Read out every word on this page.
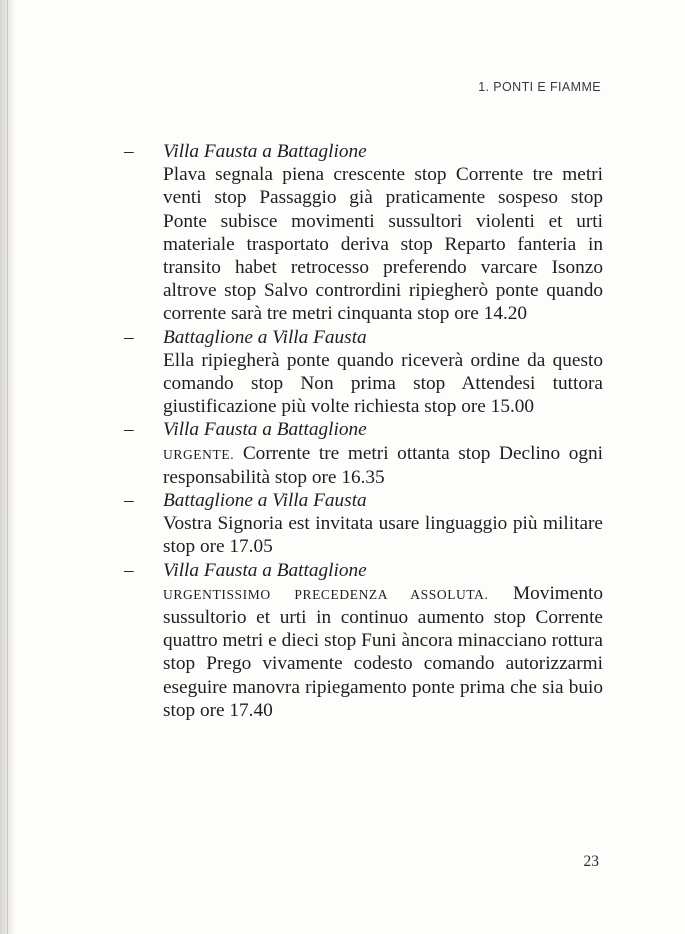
1. PONTI E FIAMME
– Villa Fausta a Battaglione
Plava segnala piena crescente stop Corrente tre metri venti stop Passaggio già praticamente sospeso stop Ponte subisce movimenti sussultori violenti et urti materiale trasportato deriva stop Reparto fanteria in transito habet retrocesso preferendo varcare Isonzo altrove stop Salvo contrordini ripiegherò ponte quando corrente sarà tre metri cinquanta stop ore 14.20
– Battaglione a Villa Fausta
Ella ripiegherà ponte quando riceverà ordine da questo comando stop Non prima stop Attendesi tuttora giustificazione più volte richiesta stop ore 15.00
– Villa Fausta a Battaglione
URGENTE. Corrente tre metri ottanta stop Declino ogni responsabilità stop ore 16.35
– Battaglione a Villa Fausta
Vostra Signoria est invitata usare linguaggio più militare stop ore 17.05
– Villa Fausta a Battaglione
URGENTISSIMO PRECEDENZA ASSOLUTA. Movimento sussultorio et urti in continuo aumento stop Corrente quattro metri e dieci stop Funi àncora minacciano rottura stop Prego vivamente codesto comando autorizzarmi eseguire manovra ripiegamento ponte prima che sia buio stop ore 17.40
23
